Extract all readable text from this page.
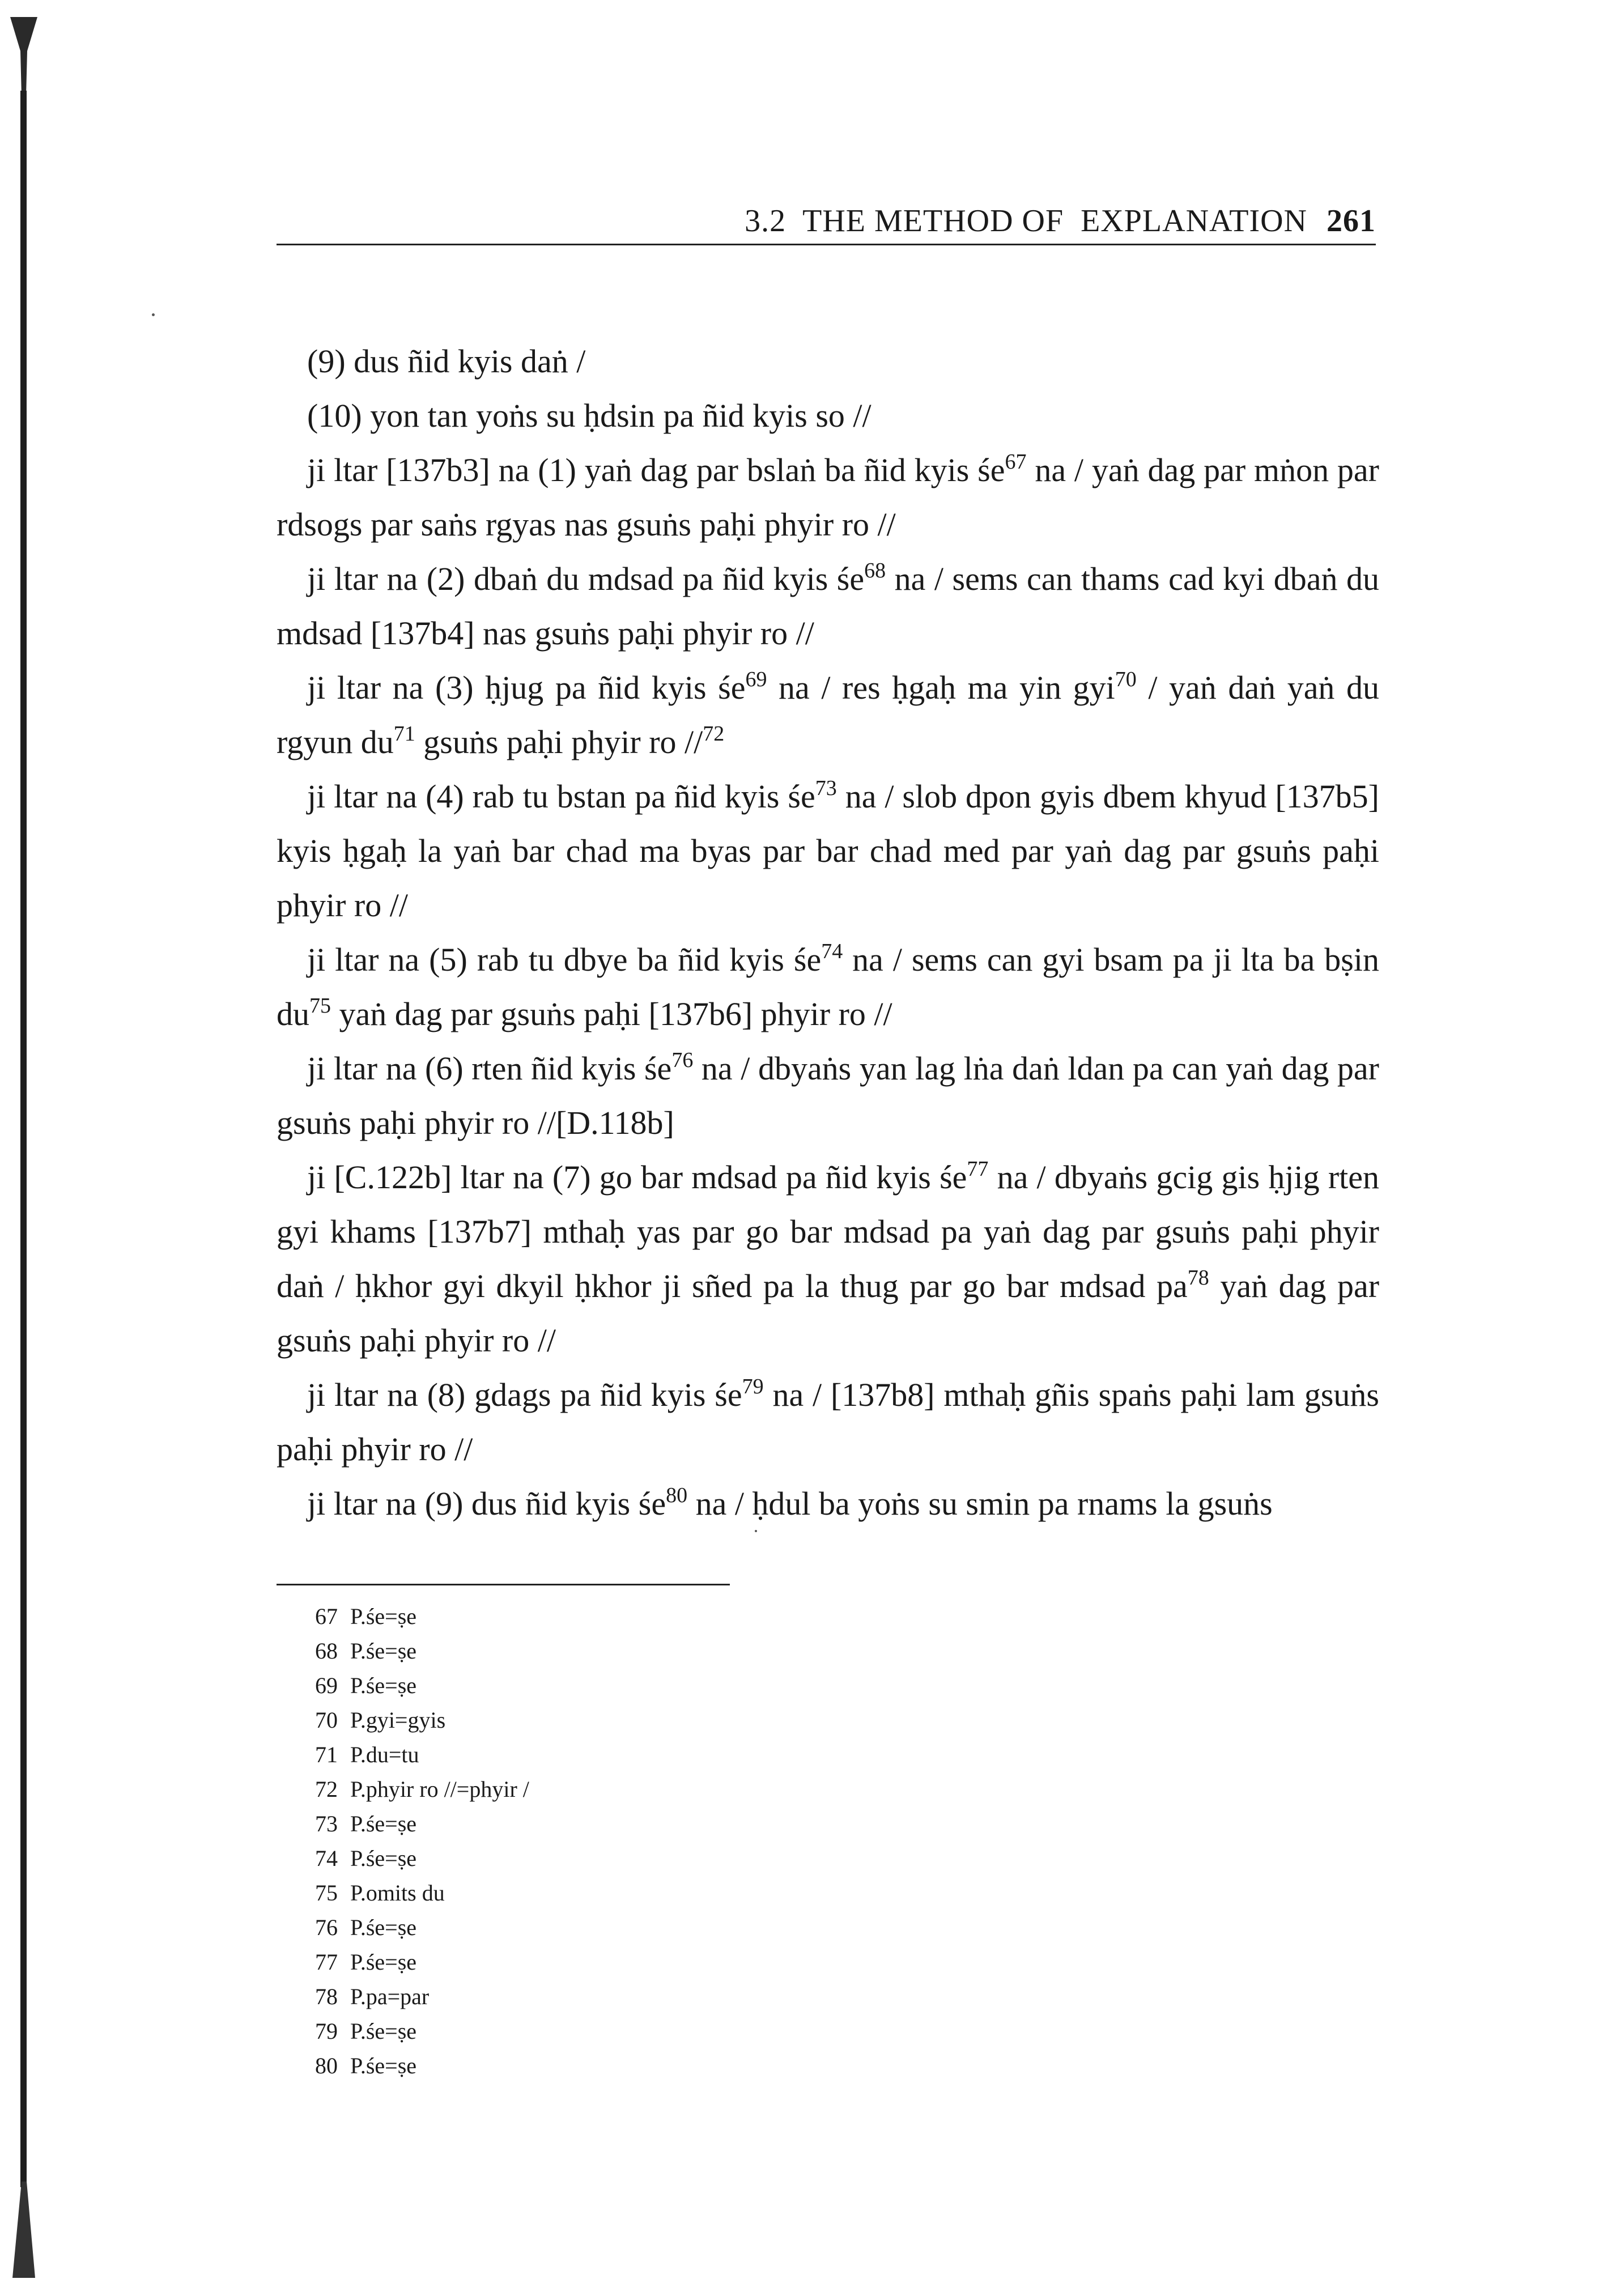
3.2  THE METHOD OF  EXPLANATION 261

(9) dus ñid kyis daṅ /

(10) yon tan yoṅs su ḥdsin pa ñid kyis so //

ji ltar [137b3] na (1) yaṅ dag par bslaṅ ba ñid kyis $śe^{67}$ na / yaṅ dag par mṅon par rdsogs par saṅs rgyas nas gsuṅs paḥi phyir ro //

ji ltar na (2) dbaṅ du mdsad pa ñid kyis $śe^{68}$ na / sems can thams cad kyi dbaṅ du mdsad [137b4] nas gsuṅs paḥi phyir ro //

ji ltar na (3) ḥjug pa ñid kyis $śe^{69}$ na / res ḥgaḥ ma yin gyi$^{70}$ / yaṅ daṅ yaṅ du rgyun $du^{71}$ gsuṅs paḥi phyir ro //$^{72}$

ji ltar na (4) rab tu bstan pa ñid kyis $śe^{73}$ na / slob dpon gyis dbem khyud [137b5] kyis ḥgaḥ la yaṅ bar chad ma byas par bar chad med par yaṅ dag par gsuṅs paḥi phyir ro //

ji ltar na (5) rab tu dbye ba ñid kyis $śe^{74}$ na / sems can gyi bsam pa ji lta ba bṣin $du^{75}$ yaṅ dag par gsuṅs paḥi [137b6] phyir ro //

ji ltar na (6) rten ñid kyis $śe^{76}$ na / dbyaṅs yan lag lṅa daṅ ldan pa can yaṅ dag par gsuṅs paḥi phyir ro //[D.118b]

ji [C.122b] ltar na (7) go bar mdsad pa ñid kyis $śe^{77}$ na / dbyaṅs gcig gis ḥjig rten gyi khams [137b7] mthaḥ yas par go bar mdsad pa yaṅ dag par gsuṅs paḥi phyir daṅ / ḥkhor gyi dkyil ḥkhor ji sñed pa la thug par go bar mdsad $pa^{78}$ yaṅ dag par gsuṅs paḥi phyir ro //

ji ltar na (8) gdags pa ñid kyis $śe^{79}$ na / [137b8] mthaḥ gñis spaṅs paḥi lam gsuṅs paḥi phyir ro //

ji ltar na (9) dus ñid kyis $śe^{80}$ na / ḥdul ba yoṅs su smin pa rnams la gsuṅs

67 P.śe=ṣe
68 P.śe=ṣe
69 P.śe=ṣe
70 P.gyi=gyis
71 P.du=tu
72 P.phyir ro //=phyir /
73 P.śe=ṣe
74 P.śe=ṣe
75 P.omits du
76 P.śe=ṣe
77 P.śe=ṣe
78 P.pa=par
79 P.śe=ṣe
80 P.śe=ṣe
